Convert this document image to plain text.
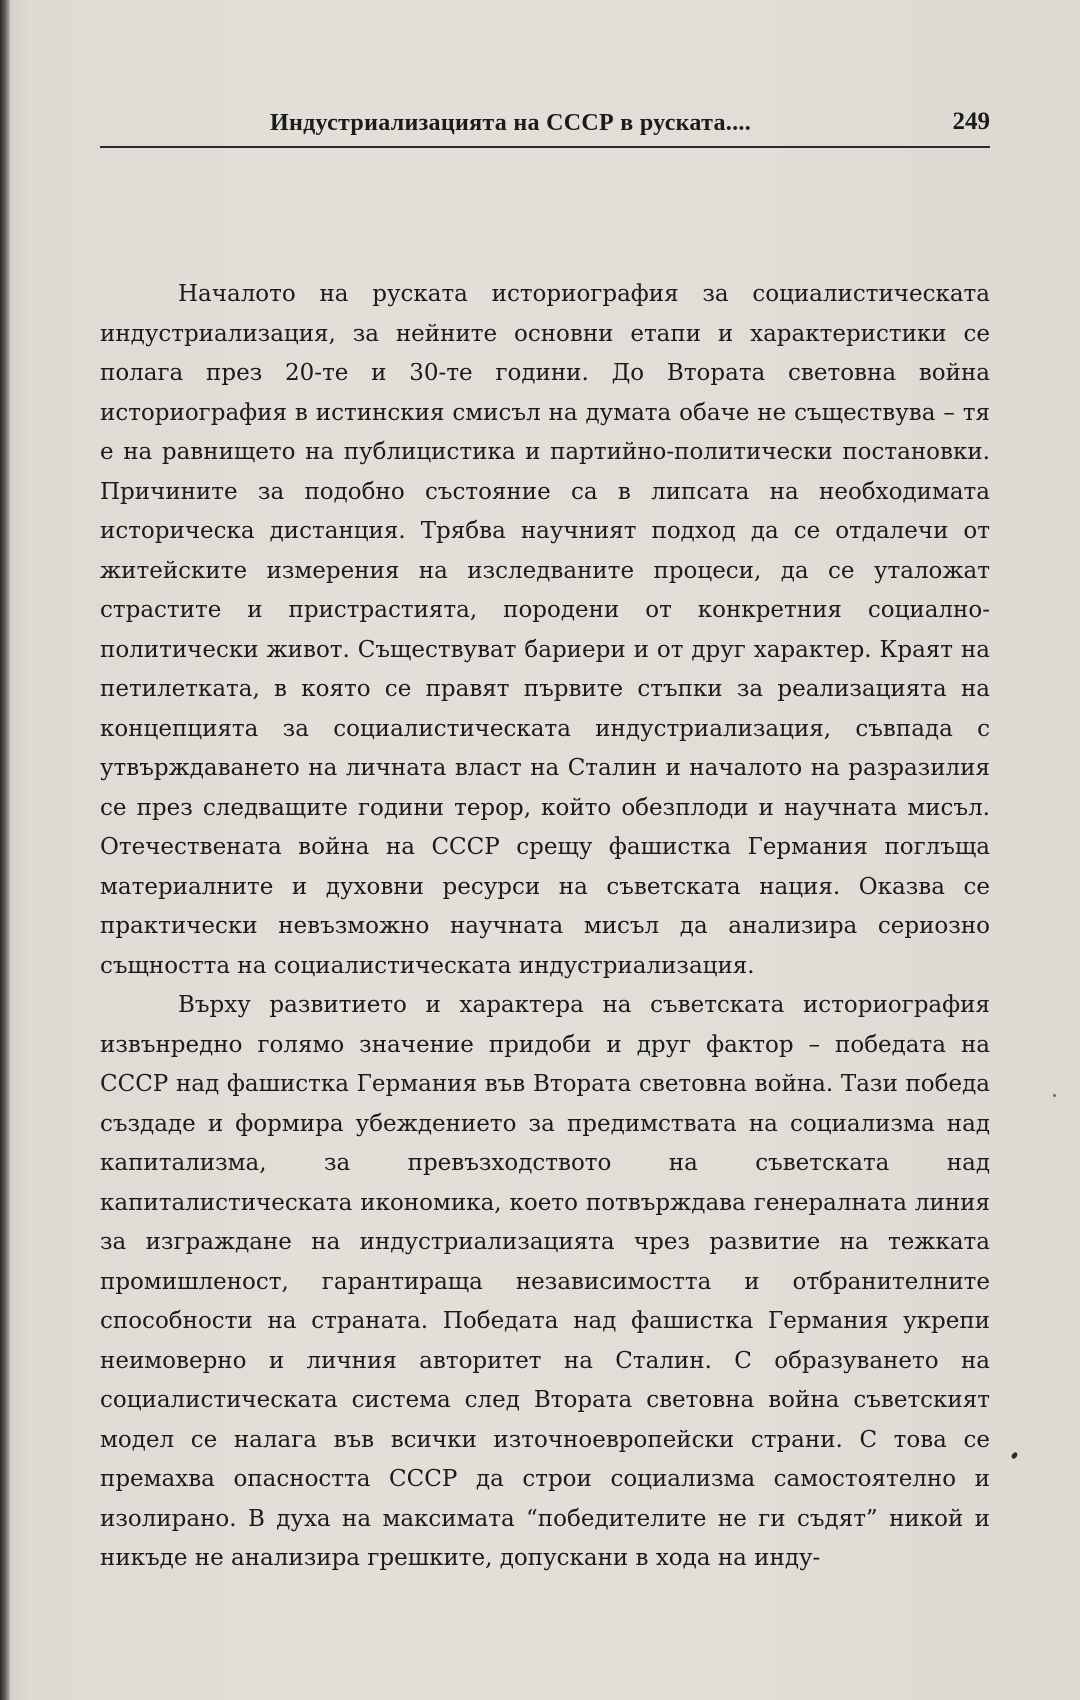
Индустриализацията на СССР в руската....	249

Началото на руската историография за социалистическата индустриализация, за нейните основни етапи и характеристики се полага през 20-те и 30-те години. До Втората световна война историография в истинския смисъл на думата обаче не съществува – тя е на равнището на публицистика и партийно-политически постановки. Причините за подобно състояние са в липсата на необходимата историческа дистанция. Трябва научният подход да се отдалечи от житейските измерения на изследваните процеси, да се уталожат страстите и пристрастията, породени от конкретния социално-политически живот. Съществуват бариери и от друг характер. Краят на петилетката, в която се правят първите стъпки за реализацията на концепцията за социалистическата индустриализация, съвпада с утвърждаването на личната власт на Сталин и началото на разразилия се през следващите години терор, който обезплоди и научната мисъл. Отечествената война на СССР срещу фашистка Германия поглъща материалните и духовни ресурси на съветската нация. Оказва се практически невъзможно научната мисъл да анализира сериозно същността на социалистическата индустриализация.

Върху развитието и характера на съветската историография извънредно голямо значение придоби и друг фактор – победата на СССР над фашистка Германия във Втората световна война. Тази победа създаде и формира убеждението за предимствата на социализма над капитализма, за превъзходството на съветската над капиталистическата икономика, което потвърждава генералната линия за изграждане на индустриализацията чрез развитие на тежката промишленост, гарантираща независимостта и отбранителните способности на страната. Победата над фашистка Германия укрепи неимоверно и личния авторитет на Сталин. С образуването на социалистическата система след Втората световна война съветският модел се налага във всички източноевропейски страни. С това се премахва опасността СССР да строи социализма самостоятелно и изолирано. В духа на максимата “победителите не ги съдят” никой и никъде не анализира грешките, допускани в хода на инду-
